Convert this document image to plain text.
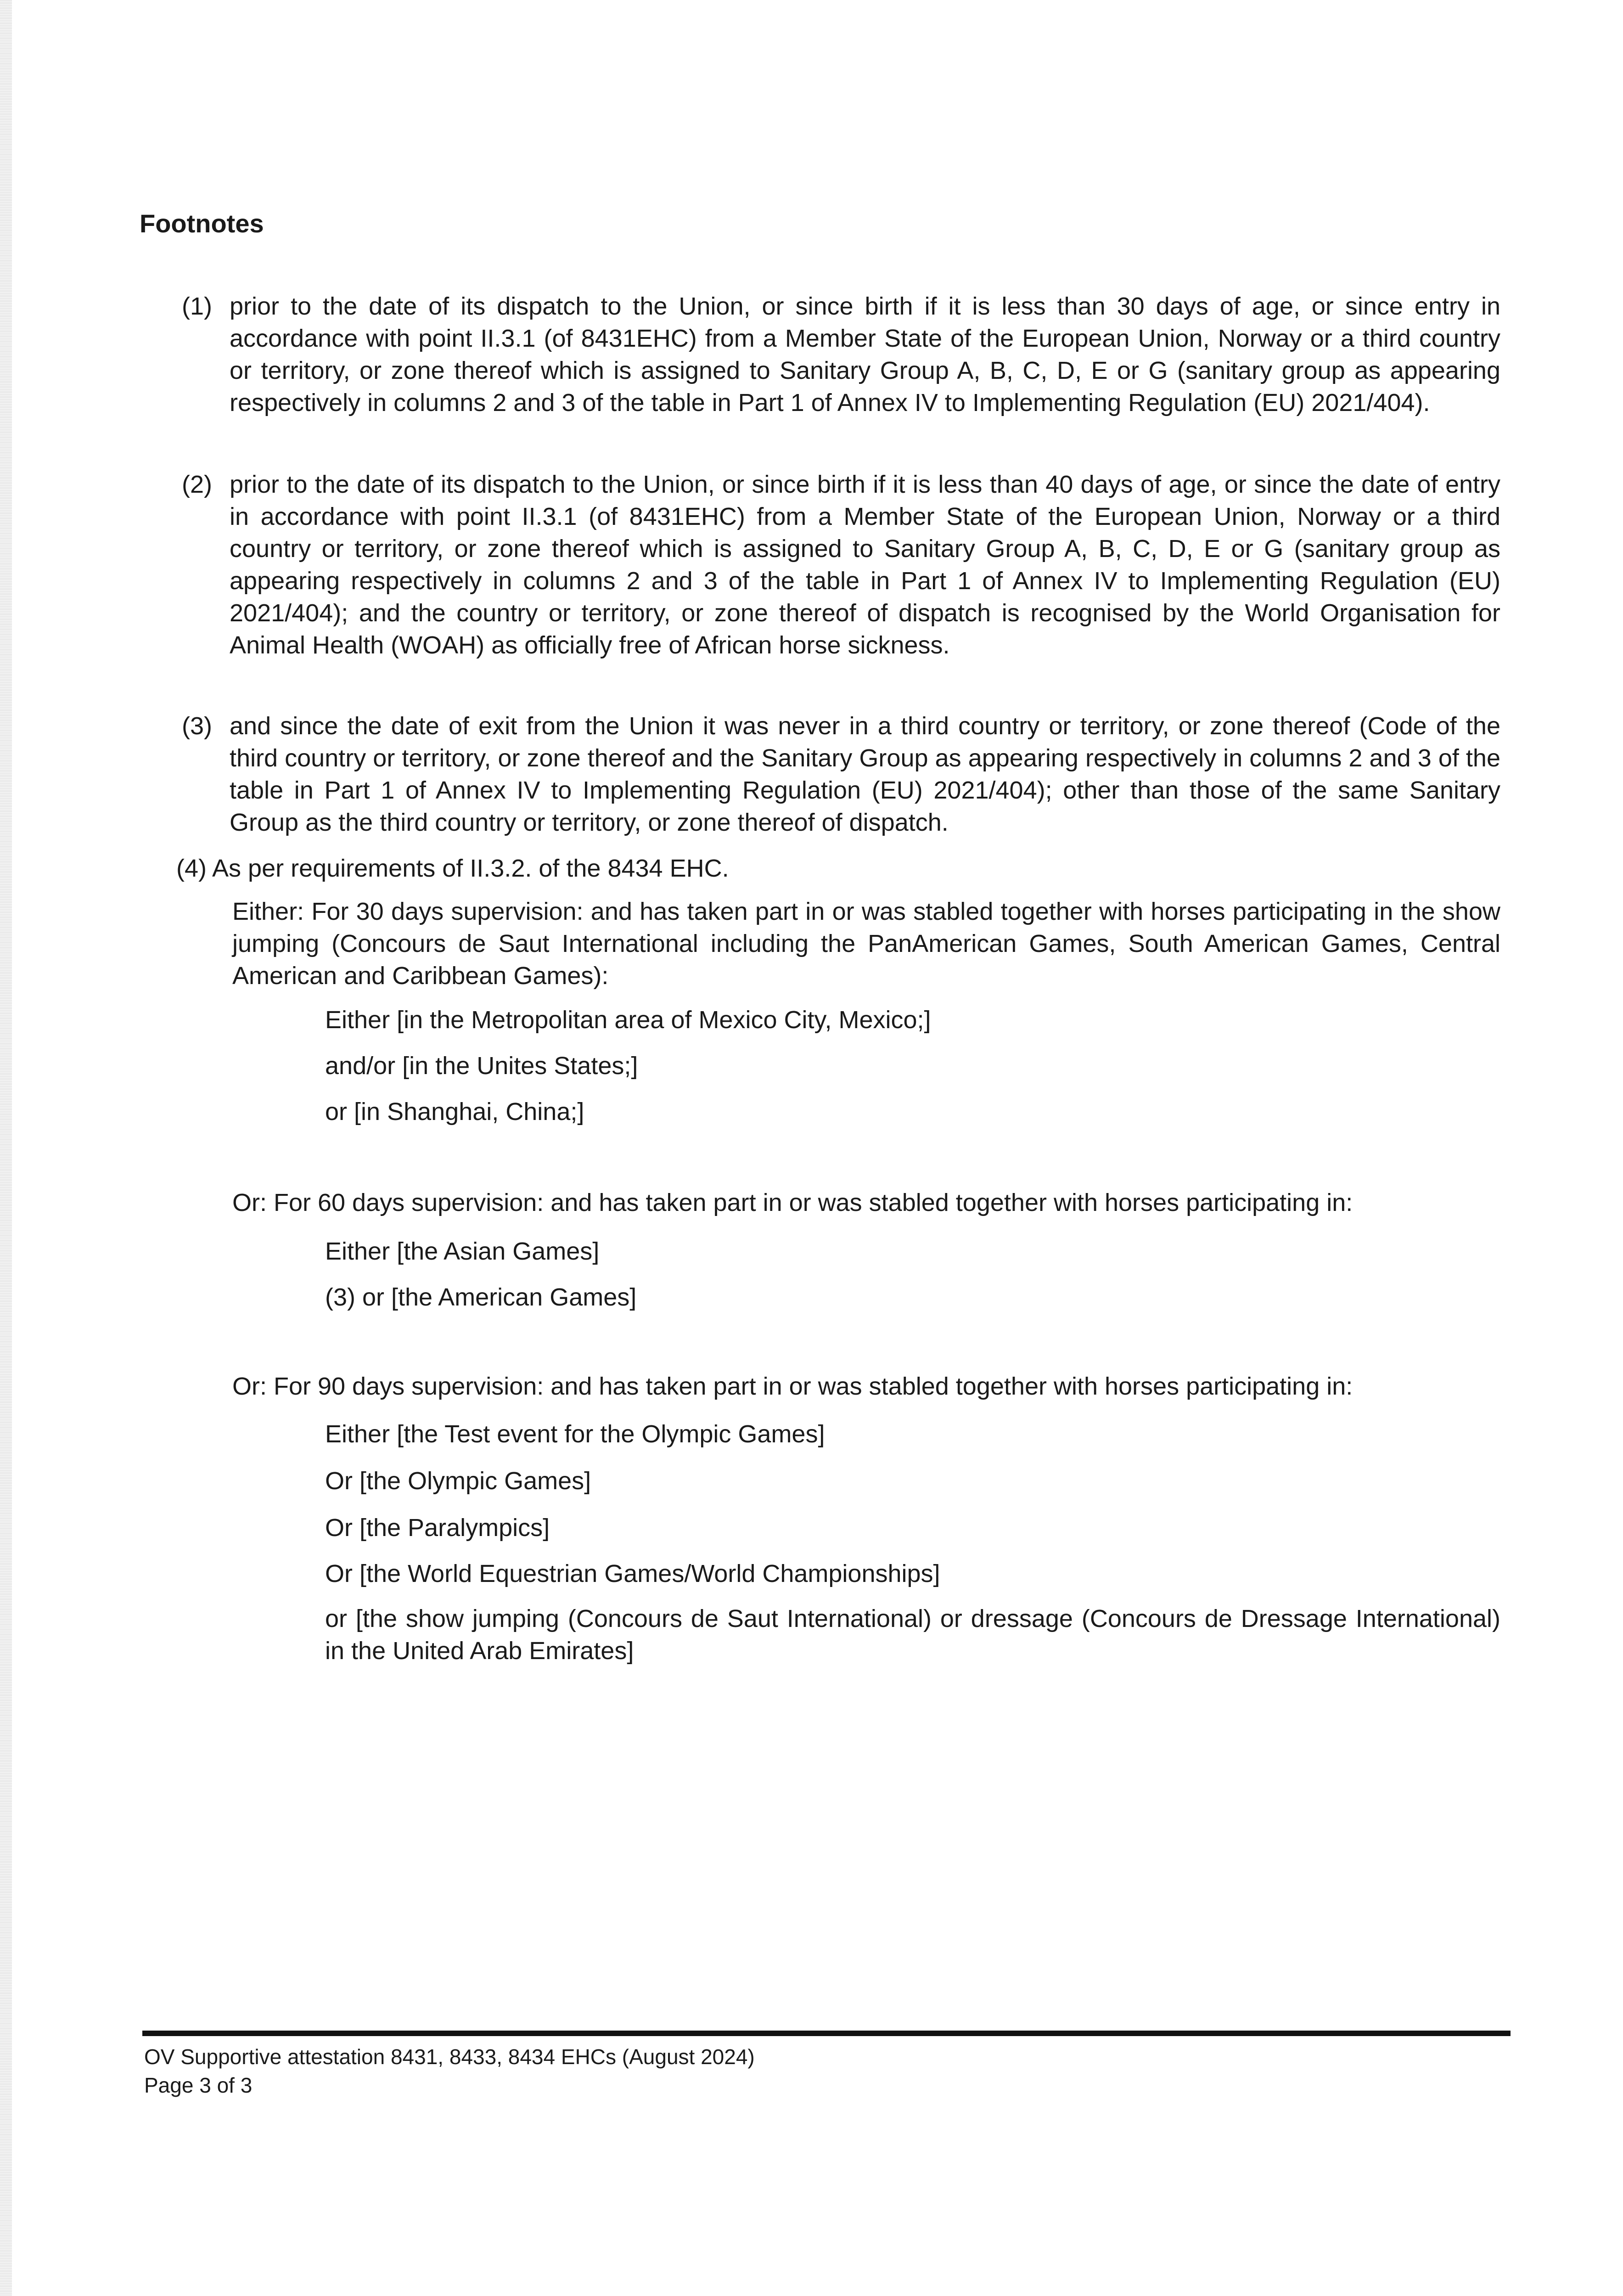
Footnotes
(1) prior to the date of its dispatch to the Union, or since birth if it is less than 30 days of age, or since entry in accordance with point II.3.1 (of 8431EHC) from a Member State of the European Union, Norway or a third country or territory, or zone thereof which is assigned to Sanitary Group A, B, C, D, E or G (sanitary group as appearing respectively in columns 2 and 3 of the table in Part 1 of Annex IV to Implementing Regulation (EU) 2021/404).
(2) prior to the date of its dispatch to the Union, or since birth if it is less than 40 days of age, or since the date of entry in accordance with point II.3.1 (of 8431EHC) from a Member State of the European Union, Norway or a third country or territory, or zone thereof which is assigned to Sanitary Group A, B, C, D, E or G (sanitary group as appearing respectively in columns 2 and 3 of the table in Part 1 of Annex IV to Implementing Regulation (EU) 2021/404); and the country or territory, or zone thereof of dispatch is recognised by the World Organisation for Animal Health (WOAH) as officially free of African horse sickness.
(3) and since the date of exit from the Union it was never in a third country or territory, or zone thereof (Code of the third country or territory, or zone thereof and the Sanitary Group as appearing respectively in columns 2 and 3 of the table in Part 1 of Annex IV to Implementing Regulation (EU) 2021/404); other than those of the same Sanitary Group as the third country or territory, or zone thereof of dispatch.
(4) As per requirements of II.3.2. of the 8434 EHC.
Either: For 30 days supervision: and has taken part in or was stabled together with horses participating in the show jumping (Concours de Saut International including the PanAmerican Games, South American Games, Central American and Caribbean Games):
Either [in the Metropolitan area of Mexico City, Mexico;]
and/or [in the Unites States;]
or [in Shanghai, China;]
Or: For 60 days supervision: and has taken part in or was stabled together with horses participating in:
Either [the Asian Games]
(3) or [the American Games]
Or: For 90 days supervision: and has taken part in or was stabled together with horses participating in:
Either [the Test event for the Olympic Games]
Or [the Olympic Games]
Or [the Paralympics]
Or [the World Equestrian Games/World Championships]
or [the show jumping (Concours de Saut International) or dressage (Concours de Dressage International) in the United Arab Emirates]
OV Supportive attestation 8431, 8433, 8434 EHCs (August 2024)
Page 3 of 3
